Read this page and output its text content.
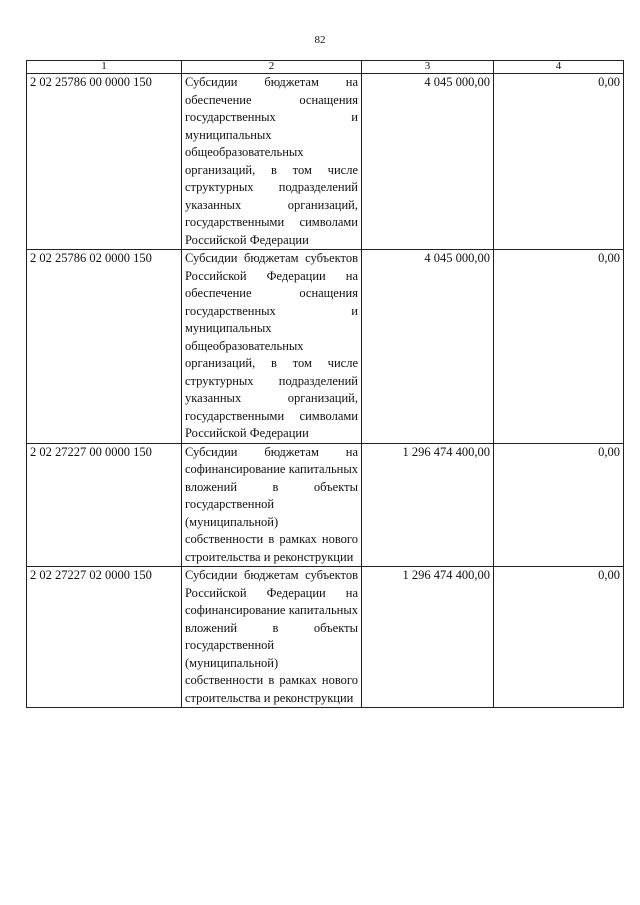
82
1	2	3	4
2 02 25786 00 0000 150	Субсидии бюджетам на обеспечение оснащения государственных и муниципальных общеобразовательных организаций, в том числе структурных подразделений указанных организаций, государственными символами Российской Федерации	4 045 000,00	0,00
2 02 25786 02 0000 150	Субсидии бюджетам субъектов Российской Федерации на обеспечение оснащения государственных и муниципальных общеобразовательных организаций, в том числе структурных подразделений указанных организаций, государственными символами Российской Федерации	4 045 000,00	0,00
2 02 27227 00 0000 150	Субсидии бюджетам на софинансирование капитальных вложений в объекты государственной (муниципальной) собственности в рамках нового строительства и реконструкции	1 296 474 400,00	0,00
2 02 27227 02 0000 150	Субсидии бюджетам субъектов Российской Федерации на софинансирование капитальных вложений в объекты государственной (муниципальной) собственности в рамках нового строительства и реконструкции	1 296 474 400,00	0,00
